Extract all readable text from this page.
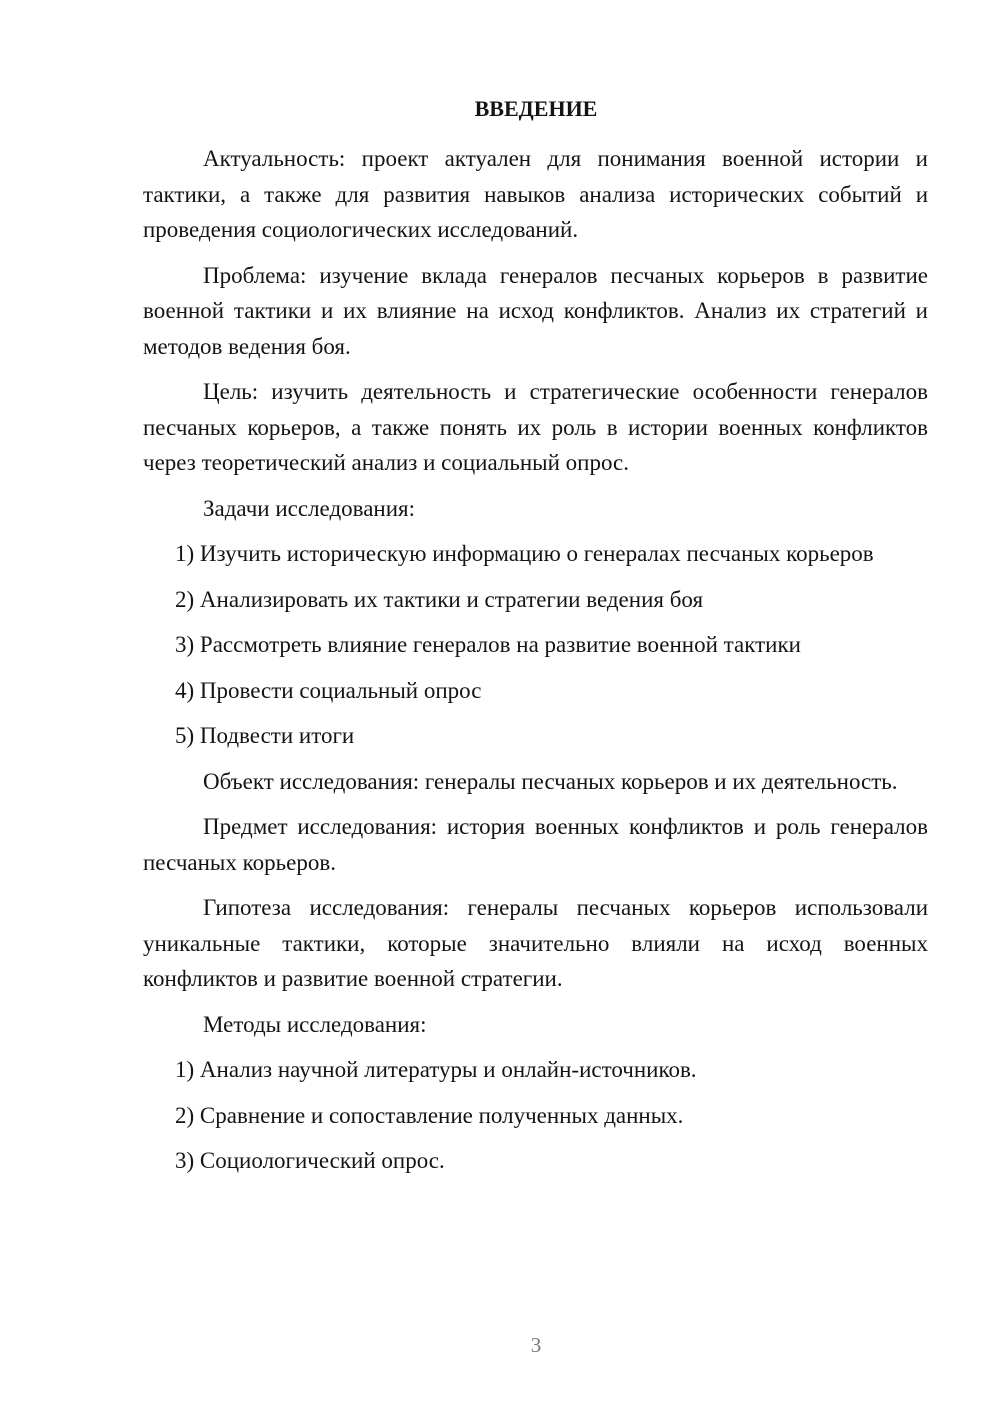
ВВЕДЕНИЕ
Актуальность: проект актуален для понимания военной истории и тактики, а также для развития навыков анализа исторических событий и проведения социологических исследований.
Проблема: изучение вклада генералов песчаных корьеров в развитие военной тактики и их влияние на исход конфликтов. Анализ их стратегий и методов ведения боя.
Цель: изучить деятельность и стратегические особенности генералов песчаных корьеров, а также понять их роль в истории военных конфликтов через теоретический анализ и социальный опрос.
Задачи исследования:
1) Изучить историческую информацию о генералах песчаных корьеров
2) Анализировать их тактики и стратегии ведения боя
3) Рассмотреть влияние генералов на развитие военной тактики
4) Провести социальный опрос
5) Подвести итоги
Объект исследования: генералы песчаных корьеров и их деятельность.
Предмет исследования: история военных конфликтов и роль генералов песчаных корьеров.
Гипотеза исследования: генералы песчаных корьеров использовали уникальные тактики, которые значительно влияли на исход военных конфликтов и развитие военной стратегии.
Методы исследования:
1) Анализ научной литературы и онлайн-источников.
2) Сравнение и сопоставление полученных данных.
3) Социологический опрос.
3
